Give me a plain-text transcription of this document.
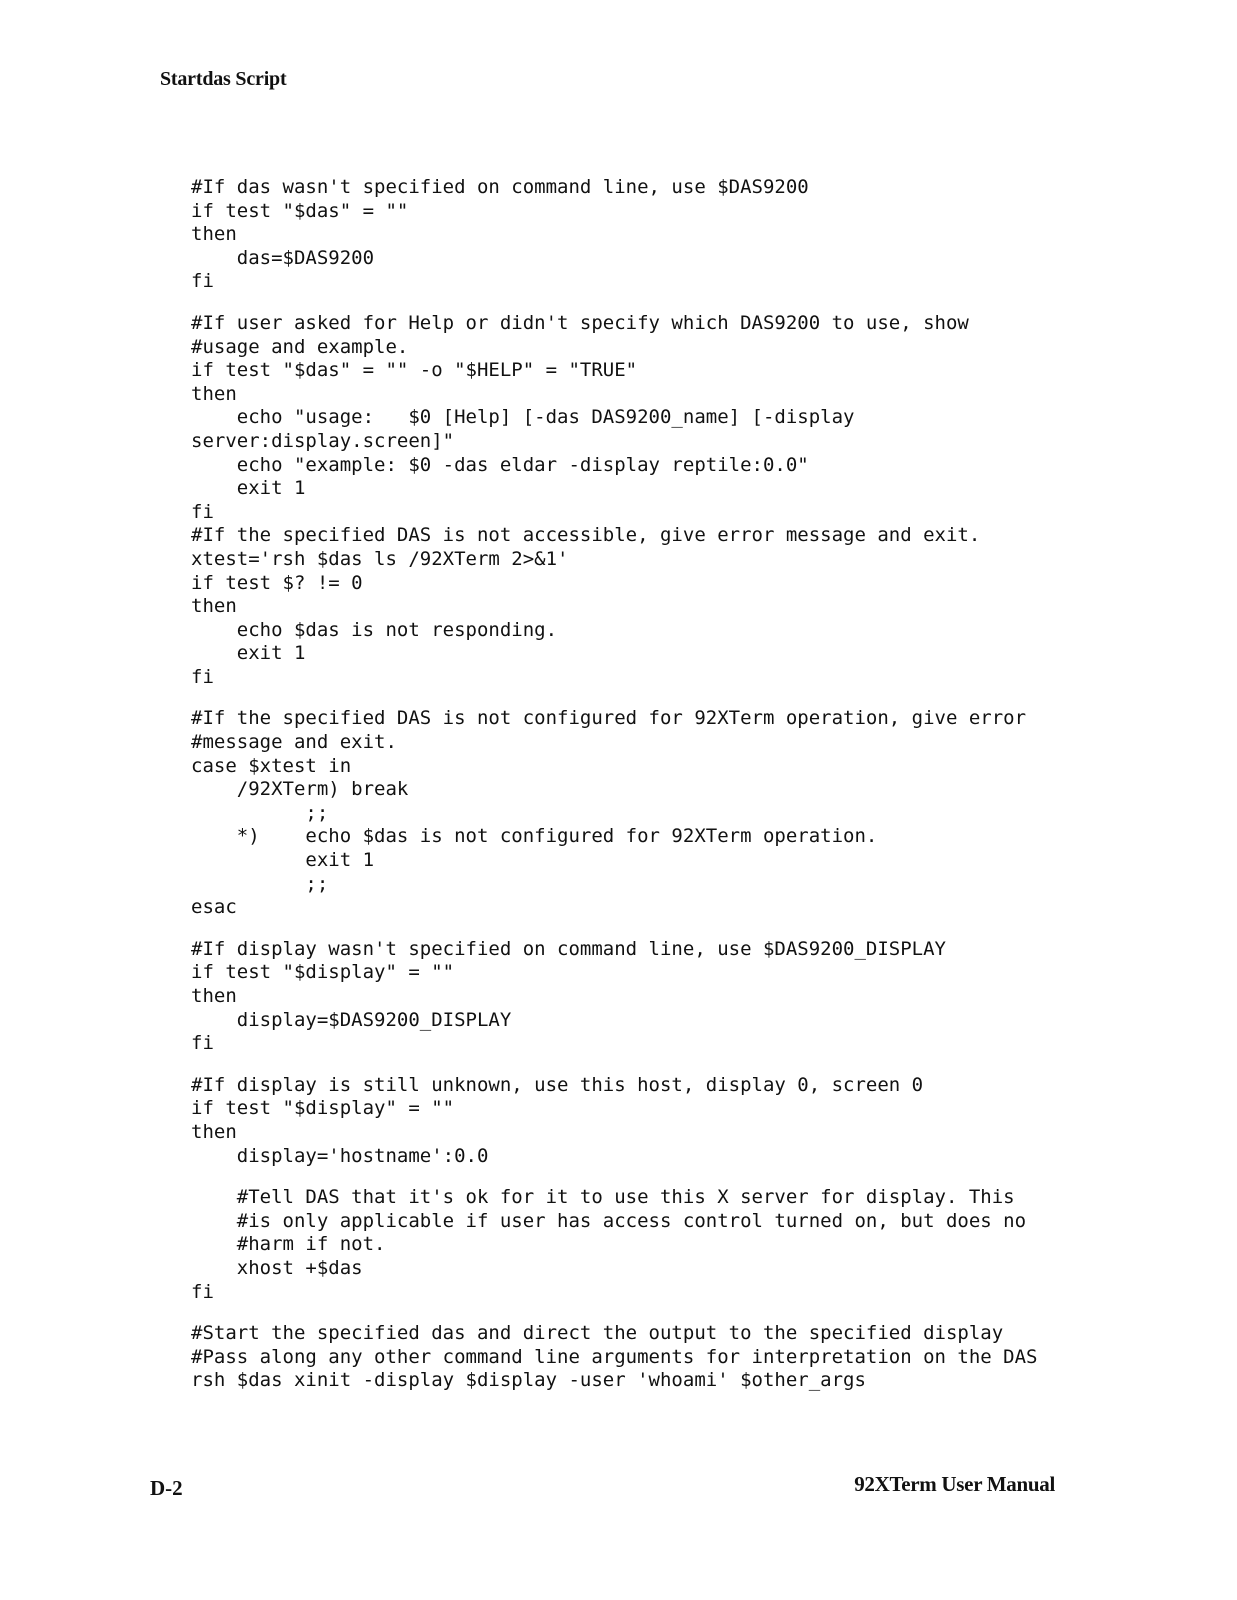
Startdas Script
#If das wasn't specified on command line, use $DAS9200
if test "$das" = ""
then
das=$DAS9200
fi
#If user asked for Help or didn't specify which DAS9200 to use, show
#usage and example.
if test "$das" = "" -o "$HELP" = "TRUE"
then
echo "usage:   $0 [Help] [-das DAS9200_name] [-display
server:display.screen]"
echo "example: $0 -das eldar -display reptile:0.0"
exit 1
fi
#If the specified DAS is not accessible, give error message and exit.
xtest='rsh $das ls /92XTerm 2>&1'
if test $? != 0
then
echo $das is not responding.
exit 1
fi
#If the specified DAS is not configured for 92XTerm operation, give error
#message and exit.
case $xtest in
/92XTerm) break
;;
*)    echo $das is not configured for 92XTerm operation.
exit 1
;;
esac
#If display wasn't specified on command line, use $DAS9200_DISPLAY
if test "$display" = ""
then
display=$DAS9200_DISPLAY
fi
#If display is still unknown, use this host, display 0, screen 0
if test "$display" = ""
then
display='hostname':0.0
#Tell DAS that it's ok for it to use this X server for display. This
#is only applicable if user has access control turned on, but does no
#harm if not.
xhost +$das
fi
#Start the specified das and direct the output to the specified display
#Pass along any other command line arguments for interpretation on the DAS
rsh $das xinit -display $display -user 'whoami' $other_args
D-2	92XTerm User Manual
